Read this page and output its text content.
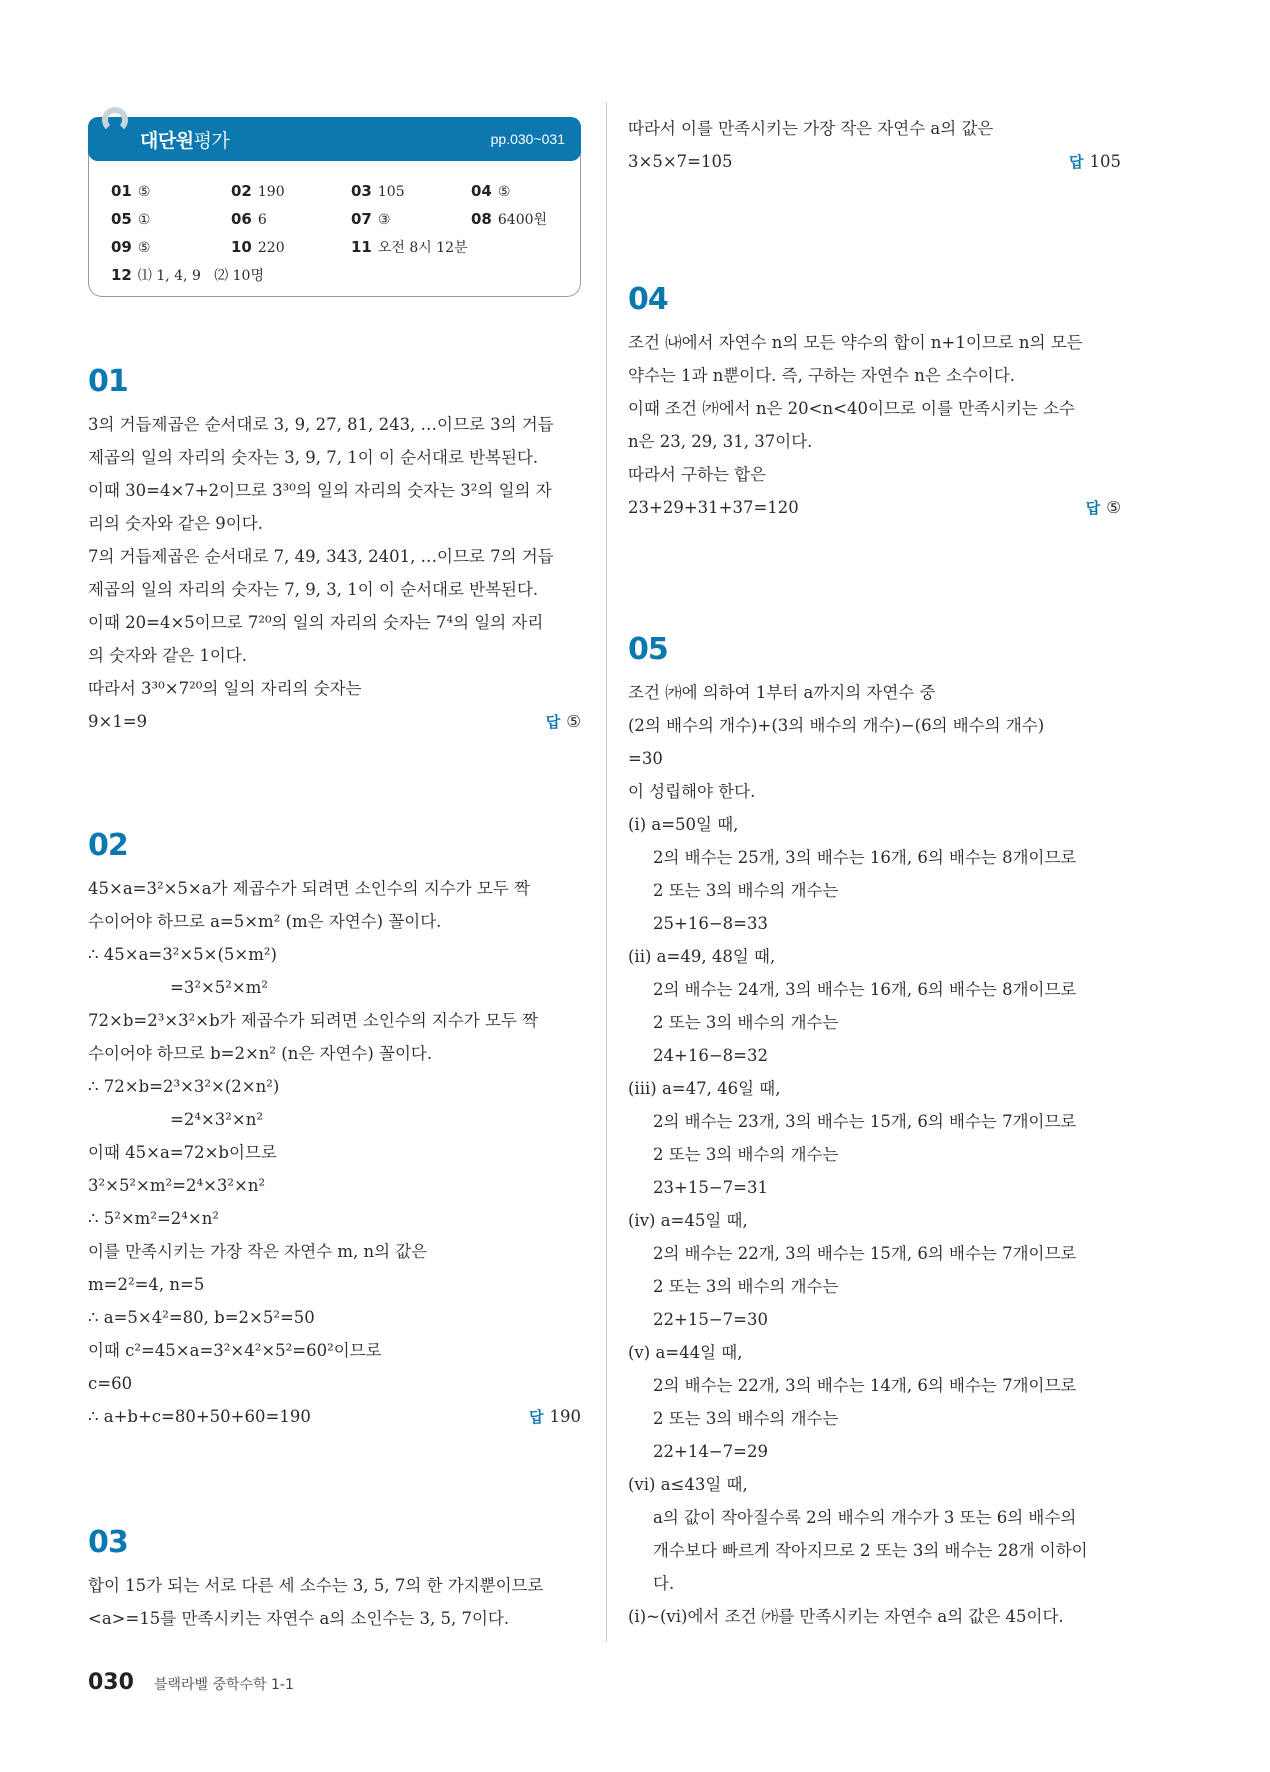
대단원평가	pp.030~031
01 ⑤	02 190	03 105	04 ⑤
05 ①	06 6	07 ③	08 6400원
09 ⑤	10 220	11 오전 8시 12분
12 ⑴ 1, 4, 9   ⑵ 10명
01
3의 거듭제곱은 순서대로 3, 9, 27, 81, 243, …이므로 3의 거듭
제곱의 일의 자리의 숫자는 3, 9, 7, 1이 이 순서대로 반복된다.
이때 30=4×7+2이므로 3³⁰의 일의 자리의 숫자는 3²의 일의 자
리의 숫자와 같은 9이다.
7의 거듭제곱은 순서대로 7, 49, 343, 2401, …이므로 7의 거듭
제곱의 일의 자리의 숫자는 7, 9, 3, 1이 이 순서대로 반복된다.
이때 20=4×5이므로 7²⁰의 일의 자리의 숫자는 7⁴의 일의 자리
의 숫자와 같은 1이다.
따라서 3³⁰×7²⁰의 일의 자리의 숫자는
9×1=9	답 ⑤
02
45×a=3²×5×a가 제곱수가 되려면 소인수의 지수가 모두 짝
수이어야 하므로 a=5×m² (m은 자연수) 꼴이다.
∴ 45×a=3²×5×(5×m²)
=3²×5²×m²
72×b=2³×3²×b가 제곱수가 되려면 소인수의 지수가 모두 짝
수이어야 하므로 b=2×n² (n은 자연수) 꼴이다.
∴ 72×b=2³×3²×(2×n²)
=2⁴×3²×n²
이때 45×a=72×b이므로
3²×5²×m²=2⁴×3²×n²
∴ 5²×m²=2⁴×n²
이를 만족시키는 가장 작은 자연수 m, n의 값은
m=2²=4, n=5
∴ a=5×4²=80, b=2×5²=50
이때 c²=45×a=3²×4²×5²=60²이므로
c=60
∴ a+b+c=80+50+60=190	답 190
03
합이 15가 되는 서로 다른 세 소수는 3, 5, 7의 한 가지뿐이므로
<a>=15를 만족시키는 자연수 a의 소인수는 3, 5, 7이다.
따라서 이를 만족시키는 가장 작은 자연수 a의 값은
3×5×7=105	답 105
04
조건 ㈏에서 자연수 n의 모든 약수의 합이 n+1이므로 n의 모든
약수는 1과 n뿐이다. 즉, 구하는 자연수 n은 소수이다.
이때 조건 ㈎에서 n은 20<n<40이므로 이를 만족시키는 소수
n은 23, 29, 31, 37이다.
따라서 구하는 합은
23+29+31+37=120	답 ⑤
05
조건 ㈎에 의하여 1부터 a까지의 자연수 중
(2의 배수의 개수)+(3의 배수의 개수)−(6의 배수의 개수)
=30
이 성립해야 한다.
(i) a=50일 때,
2의 배수는 25개, 3의 배수는 16개, 6의 배수는 8개이므로
2 또는 3의 배수의 개수는
25+16−8=33
(ii) a=49, 48일 때,
2의 배수는 24개, 3의 배수는 16개, 6의 배수는 8개이므로
2 또는 3의 배수의 개수는
24+16−8=32
(iii) a=47, 46일 때,
2의 배수는 23개, 3의 배수는 15개, 6의 배수는 7개이므로
2 또는 3의 배수의 개수는
23+15−7=31
(iv) a=45일 때,
2의 배수는 22개, 3의 배수는 15개, 6의 배수는 7개이므로
2 또는 3의 배수의 개수는
22+15−7=30
(v) a=44일 때,
2의 배수는 22개, 3의 배수는 14개, 6의 배수는 7개이므로
2 또는 3의 배수의 개수는
22+14−7=29
(vi) a≤43일 때,
a의 값이 작아질수록 2의 배수의 개수가 3 또는 6의 배수의
개수보다 빠르게 작아지므로 2 또는 3의 배수는 28개 이하이
다.
(i)~(vi)에서 조건 ㈎를 만족시키는 자연수 a의 값은 45이다.
030 블랙라벨 중학수학 1-1
